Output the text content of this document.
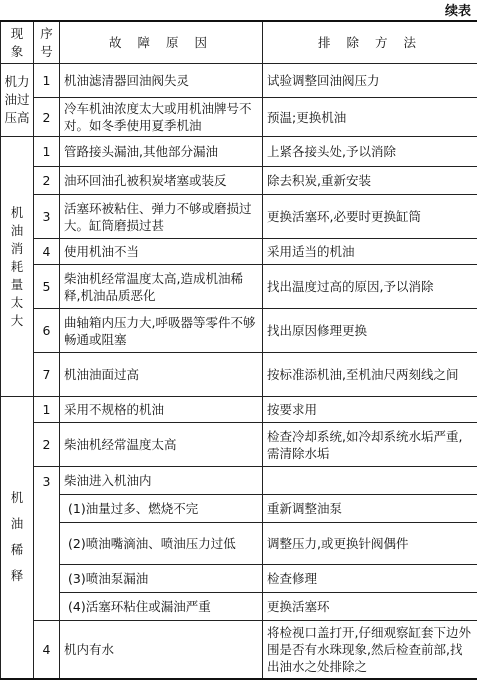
续表
现象	序号	故 障 原 因	排 除 方 法
机力油过压高	1	机油滤清器回油阀失灵	试验调整回油阀压力
	2	冷车机油浓度太大或用机油牌号不对。如冬季使用夏季机油	预温;更换机油
机油消耗量太大	1	管路接头漏油,其他部分漏油	上紧各接头处,予以消除
	2	油环回油孔被积炭堵塞或装反	除去积炭,重新安装
	3	活塞环被粘住、弹力不够或磨损过大。缸筒磨损过甚	更换活塞环,必要时更换缸筒
	4	使用机油不当	采用适当的机油
	5	柴油机经常温度太高,造成机油稀释,机油品质恶化	找出温度过高的原因,予以消除
	6	曲轴箱内压力大,呼吸器等零件不够畅通或阻塞	找出原因修理更换
	7	机油油面过高	按标准添机油,至机油尺两刻线之间
机油稀释	1	采用不规格的机油	按要求用
	2	柴油机经常温度太高	检查冷却系统,如冷却系统水垢严重,需清除水垢
	3	柴油进入机油内	
		(1)油量过多、燃烧不完	重新调整油泵
		(2)喷油嘴滴油、喷油压力过低	调整压力,或更换针阀偶件
		(3)喷油泵漏油	检查修理
		(4)活塞环粘住或漏油严重	更换活塞环
	4	机内有水	将检视口盖打开,仔细观察缸套下边外围是否有水珠现象,然后检查前部,找出油水之处排除之
